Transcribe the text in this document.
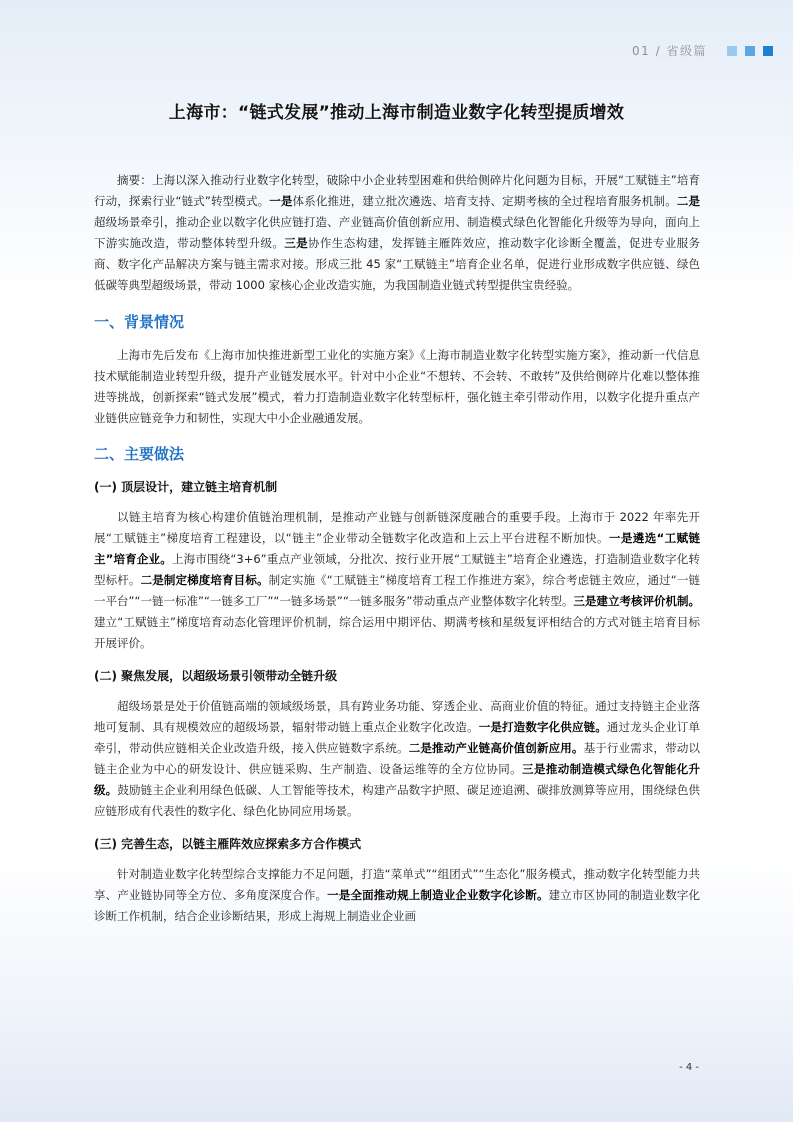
01 / 省级篇
上海市：“链式发展”推动上海市制造业数字化转型提质增效

摘要：上海以深入推动行业数字化转型，破除中小企业转型困难和供给侧碎片化问题为目标，开展“工赋链主”培育行动，探索行业“链式”转型模式。一是体系化推进，建立批次遴选、培育支持、定期考核的全过程培育服务机制。二是超级场景牵引，推动企业以数字化供应链打造、产业链高价值创新应用、制造模式绿色化智能化升级等为导向，面向上下游实施改造，带动整体转型升级。三是协作生态构建，发挥链主雁阵效应，推动数字化诊断全覆盖，促进专业服务商、数字化产品解决方案与链主需求对接。形成三批 45 家“工赋链主”培育企业名单，促进行业形成数字供应链、绿色低碳等典型超级场景，带动 1000 家核心企业改造实施，为我国制造业链式转型提供宝贵经验。

一、背景情况

上海市先后发布《上海市加快推进新型工业化的实施方案》《上海市制造业数字化转型实施方案》，推动新一代信息技术赋能制造业转型升级，提升产业链发展水平。针对中小企业“不想转、不会转、不敢转”及供给侧碎片化难以整体推进等挑战，创新探索“链式发展”模式，着力打造制造业数字化转型标杆，强化链主牵引带动作用，以数字化提升重点产业链供应链竞争力和韧性，实现大中小企业融通发展。

二、主要做法
(一) 顶层设计，建立链主培育机制

以链主培育为核心构建价值链治理机制，是推动产业链与创新链深度融合的重要手段。上海市于 2022 年率先开展“工赋链主”梯度培育工程建设，以“链主”企业带动全链数字化改造和上云上平台进程不断加快。一是遴选“工赋链主”培育企业。上海市围绕“3+6”重点产业领域，分批次、按行业开展“工赋链主”培育企业遴选，打造制造业数字化转型标杆。二是制定梯度培育目标。制定实施《“工赋链主”梯度培育工程工作推进方案》，综合考虑链主效应，通过“一链一平台”“一链一标准”“一链多工厂”“一链多场景”“一链多服务”带动重点产业整体数字化转型。三是建立考核评价机制。建立“工赋链主”梯度培育动态化管理评价机制，综合运用中期评估、期满考核和星级复评相结合的方式对链主培育目标开展评价。

(二) 聚焦发展，以超级场景引领带动全链升级

超级场景是处于价值链高端的领域级场景，具有跨业务功能、穿透企业、高商业价值的特征。通过支持链主企业落地可复制、具有规模效应的超级场景，辐射带动链上重点企业数字化改造。一是打造数字化供应链。通过龙头企业订单牵引，带动供应链相关企业改造升级，接入供应链数字系统。二是推动产业链高价值创新应用。基于行业需求，带动以链主企业为中心的研发设计、供应链采购、生产制造、设备运维等的全方位协同。三是推动制造模式绿色化智能化升级。鼓励链主企业利用绿色低碳、人工智能等技术，构建产品数字护照、碳足迹追溯、碳排放测算等应用，围绕绿色供应链形成有代表性的数字化、绿色化协同应用场景。

(三) 完善生态，以链主雁阵效应探索多方合作模式

针对制造业数字化转型综合支撑能力不足问题，打造“菜单式”“组团式”“生态化”服务模式，推动数字化转型能力共享、产业链协同等全方位、多角度深度合作。一是全面推动规上制造业企业数字化诊断。建立市区协同的制造业数字化诊断工作机制，结合企业诊断结果，形成上海规上制造业企业画

- 4 -
